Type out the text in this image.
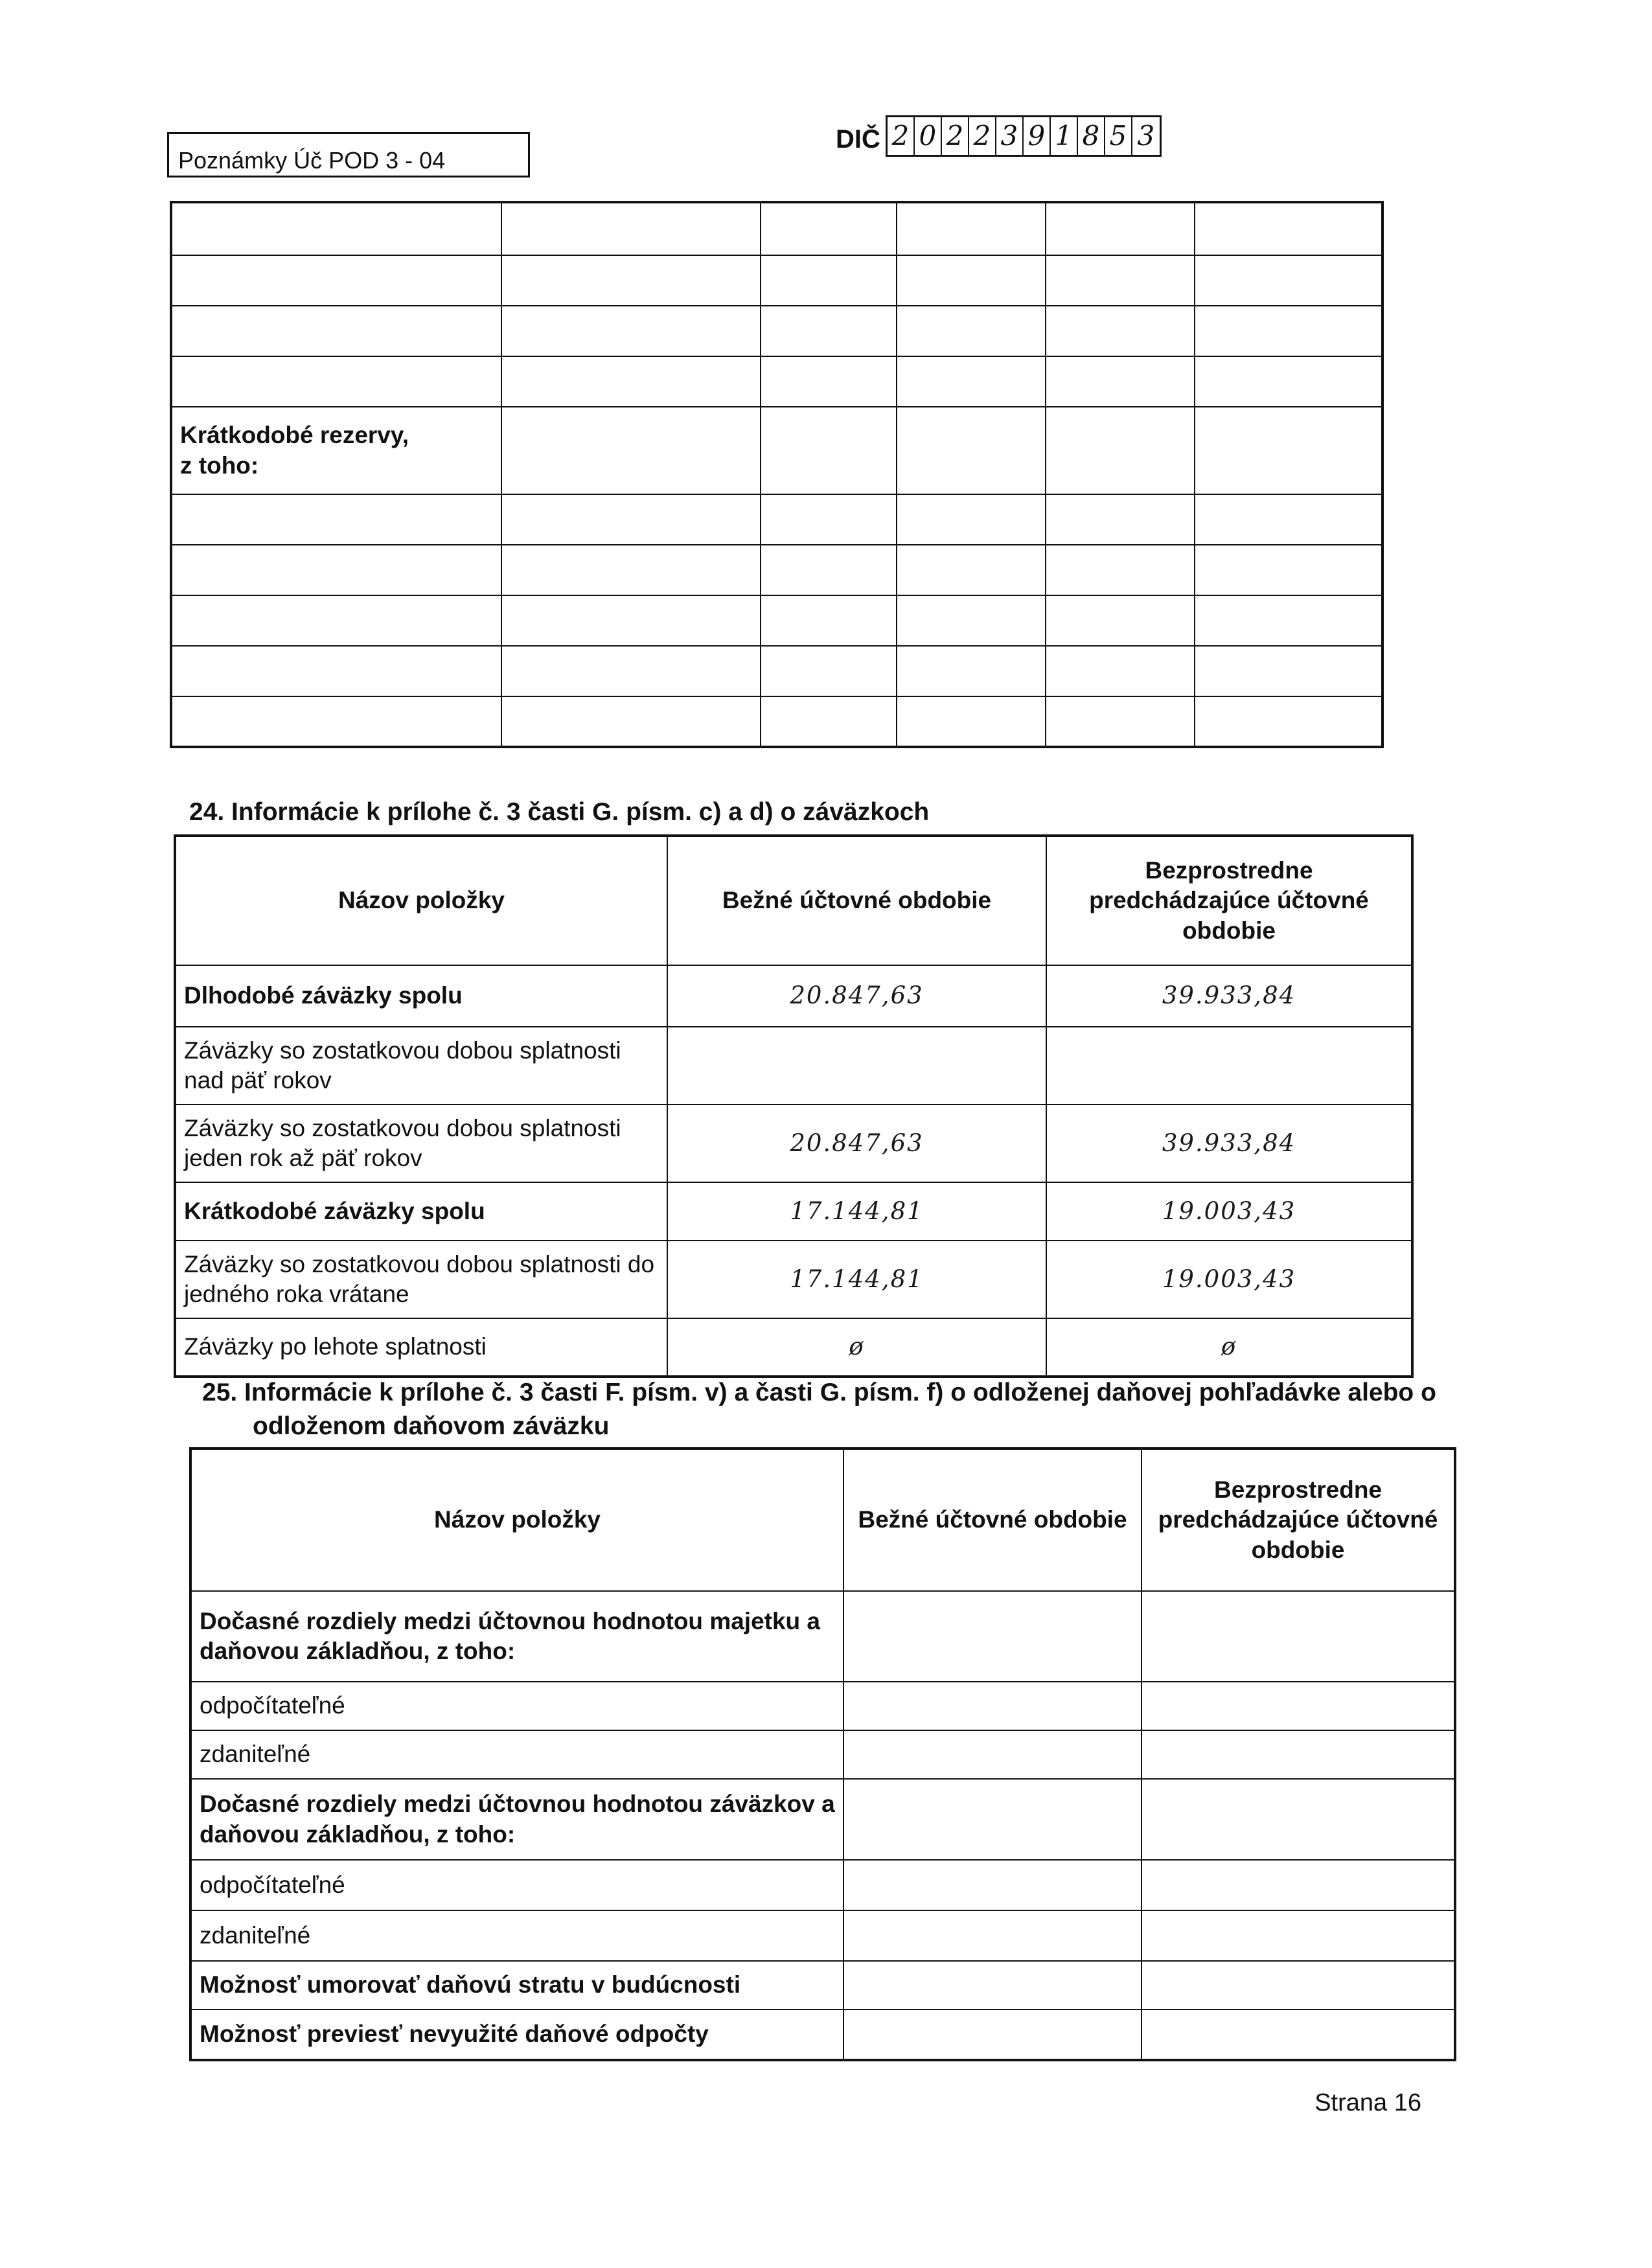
Poznámky Úč POD 3 - 04
DIČ 2 0 2 2 3 9 1 8 5 3

Krátkodobé rezervy,
z toho:					

24. Informácie k prílohe č. 3 časti G. písm. c) a d) o záväzkoch
Názov položky	Bežné účtovné obdobie	Bezprostredne predchádzajúce účtovné obdobie
Dlhodobé záväzky spolu	20.847,63	39.933,84
Záväzky so zostatkovou dobou splatnosti nad päť rokov		
Záväzky so zostatkovou dobou splatnosti jeden rok až päť rokov	20.847,63	39.933,84
Krátkodobé záväzky spolu	17.144,81	19.003,43
Záväzky so zostatkovou dobou splatnosti do jedného roka vrátane	17.144,81	19.003,43
Záväzky po lehote splatnosti	ø	ø
25. Informácie k prílohe č. 3 časti F. písm. v) a časti G. písm. f) o odloženej daňovej pohľadávke alebo o
odloženom daňovom záväzku
Názov položky	Bežné účtovné obdobie	Bezprostredne predchádzajúce účtovné obdobie
Dočasné rozdiely medzi účtovnou hodnotou majetku a daňovou základňou, z toho:		
odpočítateľné		
zdaniteľné		
Dočasné rozdiely medzi účtovnou hodnotou záväzkov a daňovou základňou, z toho:		
odpočítateľné		
zdaniteľné		
Možnosť umorovať daňovú stratu v budúcnosti		
Možnosť previesť nevyužité daňové odpočty		
Strana 16
